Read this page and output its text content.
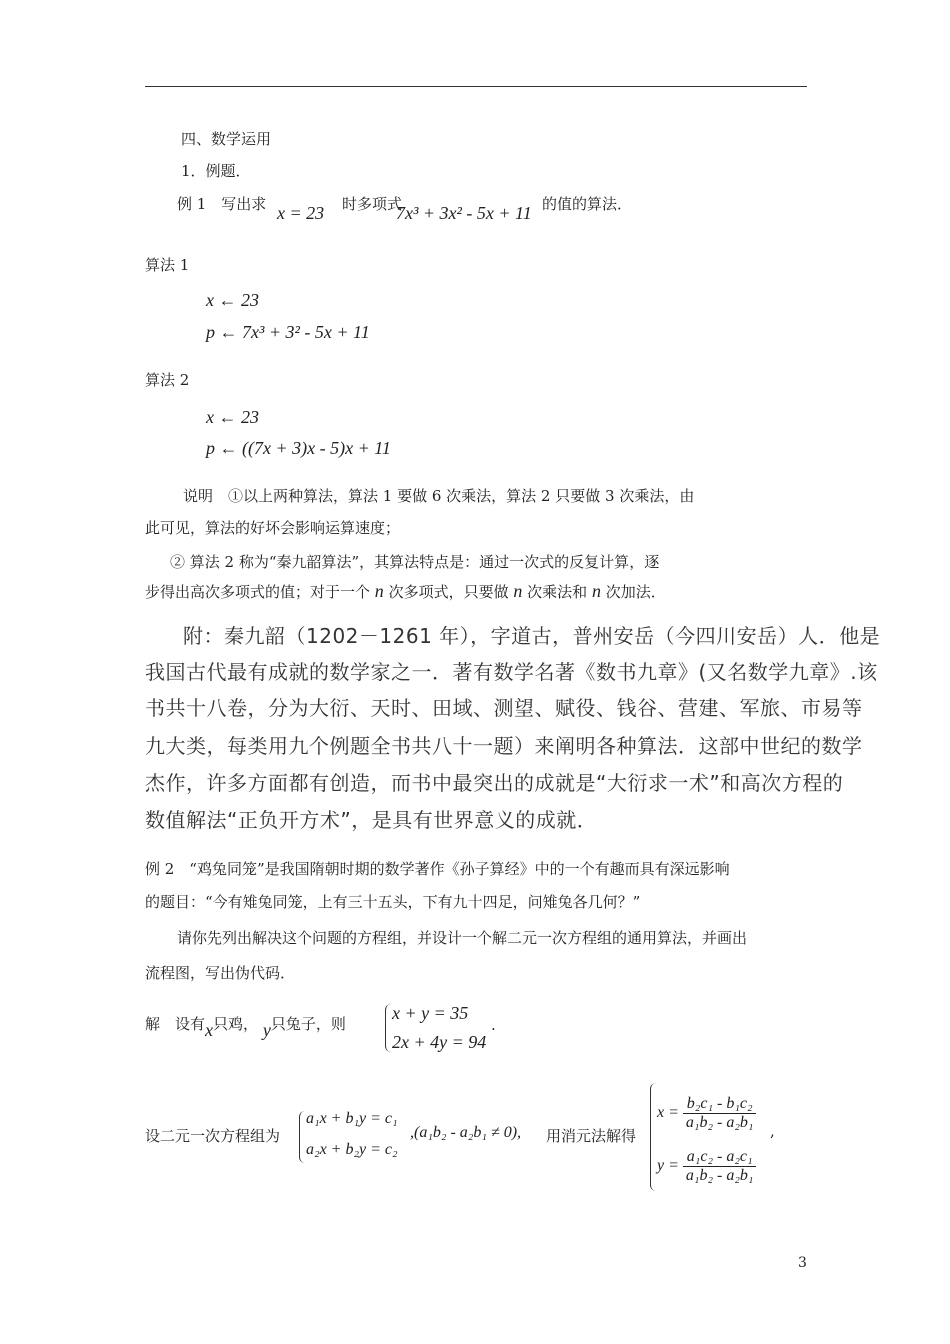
四、数学运用
1．例题．
例 1　写出求 x = 23 时多项式
7x³ + 3x² - 5x + 11 的值的算法．
算法 1
x ← 23
p ← 7x³ + 3² - 5x + 11
算法 2
x ← 23
p ← ((7x + 3)x - 5)x + 11
说明　①以上两种算法，算法 1 要做 6 次乘法，算法 2 只要做 3 次乘法，由
此可见，算法的好坏会影响运算速度；
② 算法 2 称为“秦九韶算法”，其算法特点是：通过一次式的反复计算，逐
步得出高次多项式的值；对于一个 n 次多项式，只要做 n 次乘法和 n 次加法．
附：秦九韶（1202－1261 年），字道古，普州安岳（今四川安岳）人．他是
我国古代最有成就的数学家之一．著有数学名著《数书九章》(又名数学九章》.该
书共十八卷，分为大衍、天时、田域、测望、赋役、钱谷、营建、军旅、市易等
九大类，每类用九个例题全书共八十一题）来阐明各种算法．这部中世纪的数学
杰作，许多方面都有创造，而书中最突出的成就是“大衍求一术”和高次方程的
数值解法“正负开方术”，是具有世界意义的成就．
例 2　“鸡兔同笼”是我国隋朝时期的数学著作《孙子算经》中的一个有趣而具有深远影响
的题目：“今有雉兔同笼，上有三十五头，下有九十四足，问雉兔各几何？”
请你先列出解决这个问题的方程组，并设计一个解二元一次方程组的通用算法，并画出
流程图，写出伪代码．
解　设有x只鸡， y只兔子，则
x + y = 35
2x + 4y = 94
.
设二元一次方程组为
a₁x + b₁y = c₁
a₂x + b₂y = c₂
,(a₁b₂ - a₂b₁ ≠ 0), 用消元法解得
$x = \frac{\text{b₂c₁ - b₁c₂}}{\text{a₁b₂ - a₂b₁}}$ ,
$y = \frac{\text{a₁c₂ - a₂c₁}}{\text{a₁b₂ - a₂b₁}}$
3
